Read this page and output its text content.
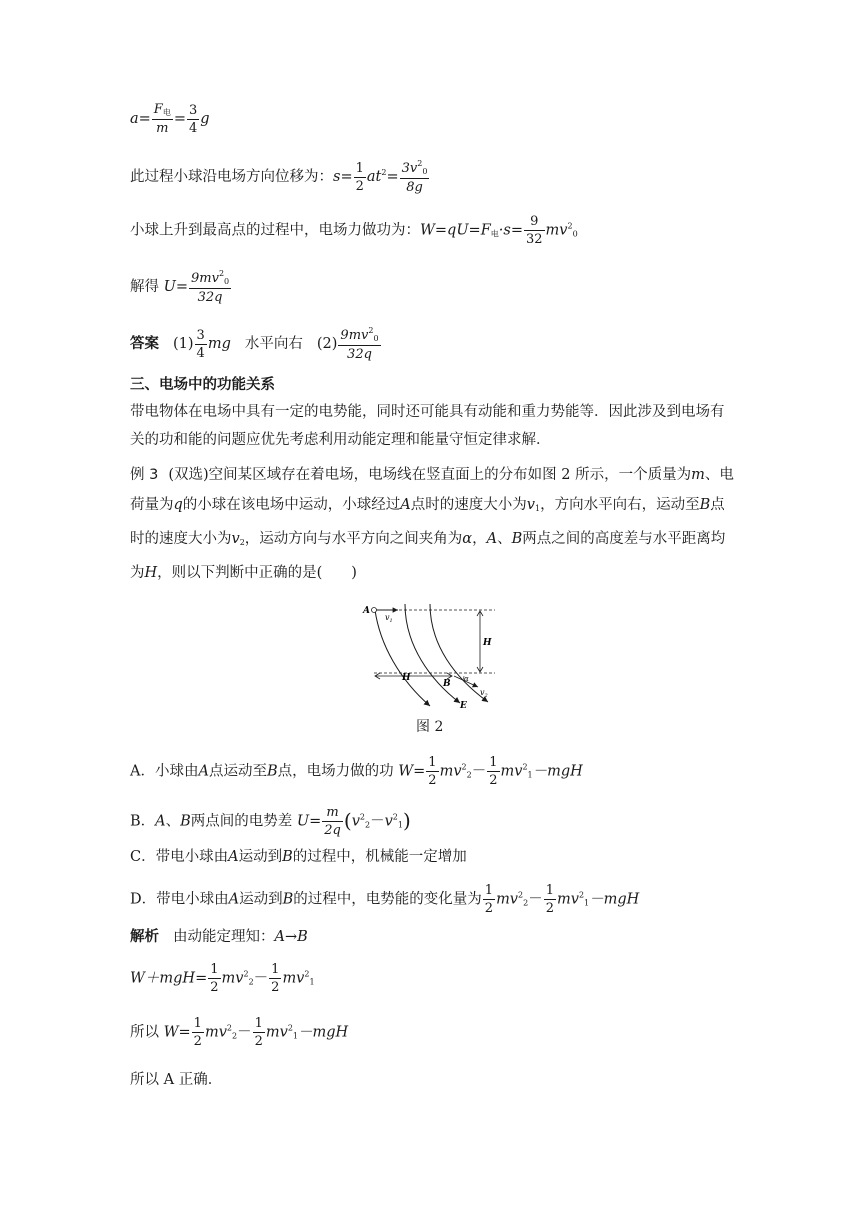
$a= \frac{F_电}{m} = \frac{3}{4}$ g
此过程小球沿电场方向位移为：$s= \frac{1}{2} at^2= \frac{3v^2_0}{8g}$
小球上升到最高点的过程中，电场力做功为：$W=qU=F_电\cdot s= \frac{9}{32} mv^2_0$
解得 $U= \frac{9mv^2_0}{32q}$
答案 $(1) \frac{3}{4}$ mg 水平向右 $(2) \frac{9mv^2_0}{32q}$
三、电场中的功能关系
带电物体在电场中具有一定的电势能，同时还可能具有动能和重力势能等．因此涉及到电场有关的功和能的问题应优先考虑利用动能定理和能量守恒定律求解．
例 3 (双选)空间某区域存在着电场，电场线在竖直面上的分布如图 2 所示，一个质量为m、电荷量为q的小球在该电场中运动，小球经过A点时的速度大小为$v_1$，方向水平向右，运动至B点时的速度大小为$v_2$，运动方向与水平方向之间夹角为α，A、B两点之间的高度差与水平距离均为H，则以下判断中正确的是(　　)
A
$v_1$
H
H
B α
$v_2$
E
图 2
A．小球由A点运动至B点，电场力做的功 $W= \frac{1}{2} mv^2_2- \frac{1}{2} mv^2_1-mgH$
B．A、B两点间的电势差 $U= \frac{m}{2q} (v^2_2-v^2_1)$
C．带电小球由A运动到B的过程中，机械能一定增加
D．带电小球由A运动到B的过程中，电势能的变化量为 $\frac{1}{2} mv^2_2- \frac{1}{2} mv^2_1-mgH$
解析 由动能定理知：A→B
$W+mgH= \frac{1}{2} mv^2_2- \frac{1}{2} mv^2_1$
所以 $W= \frac{1}{2} mv^2_2- \frac{1}{2} mv^2_1-mgH$
所以 A 正确．
